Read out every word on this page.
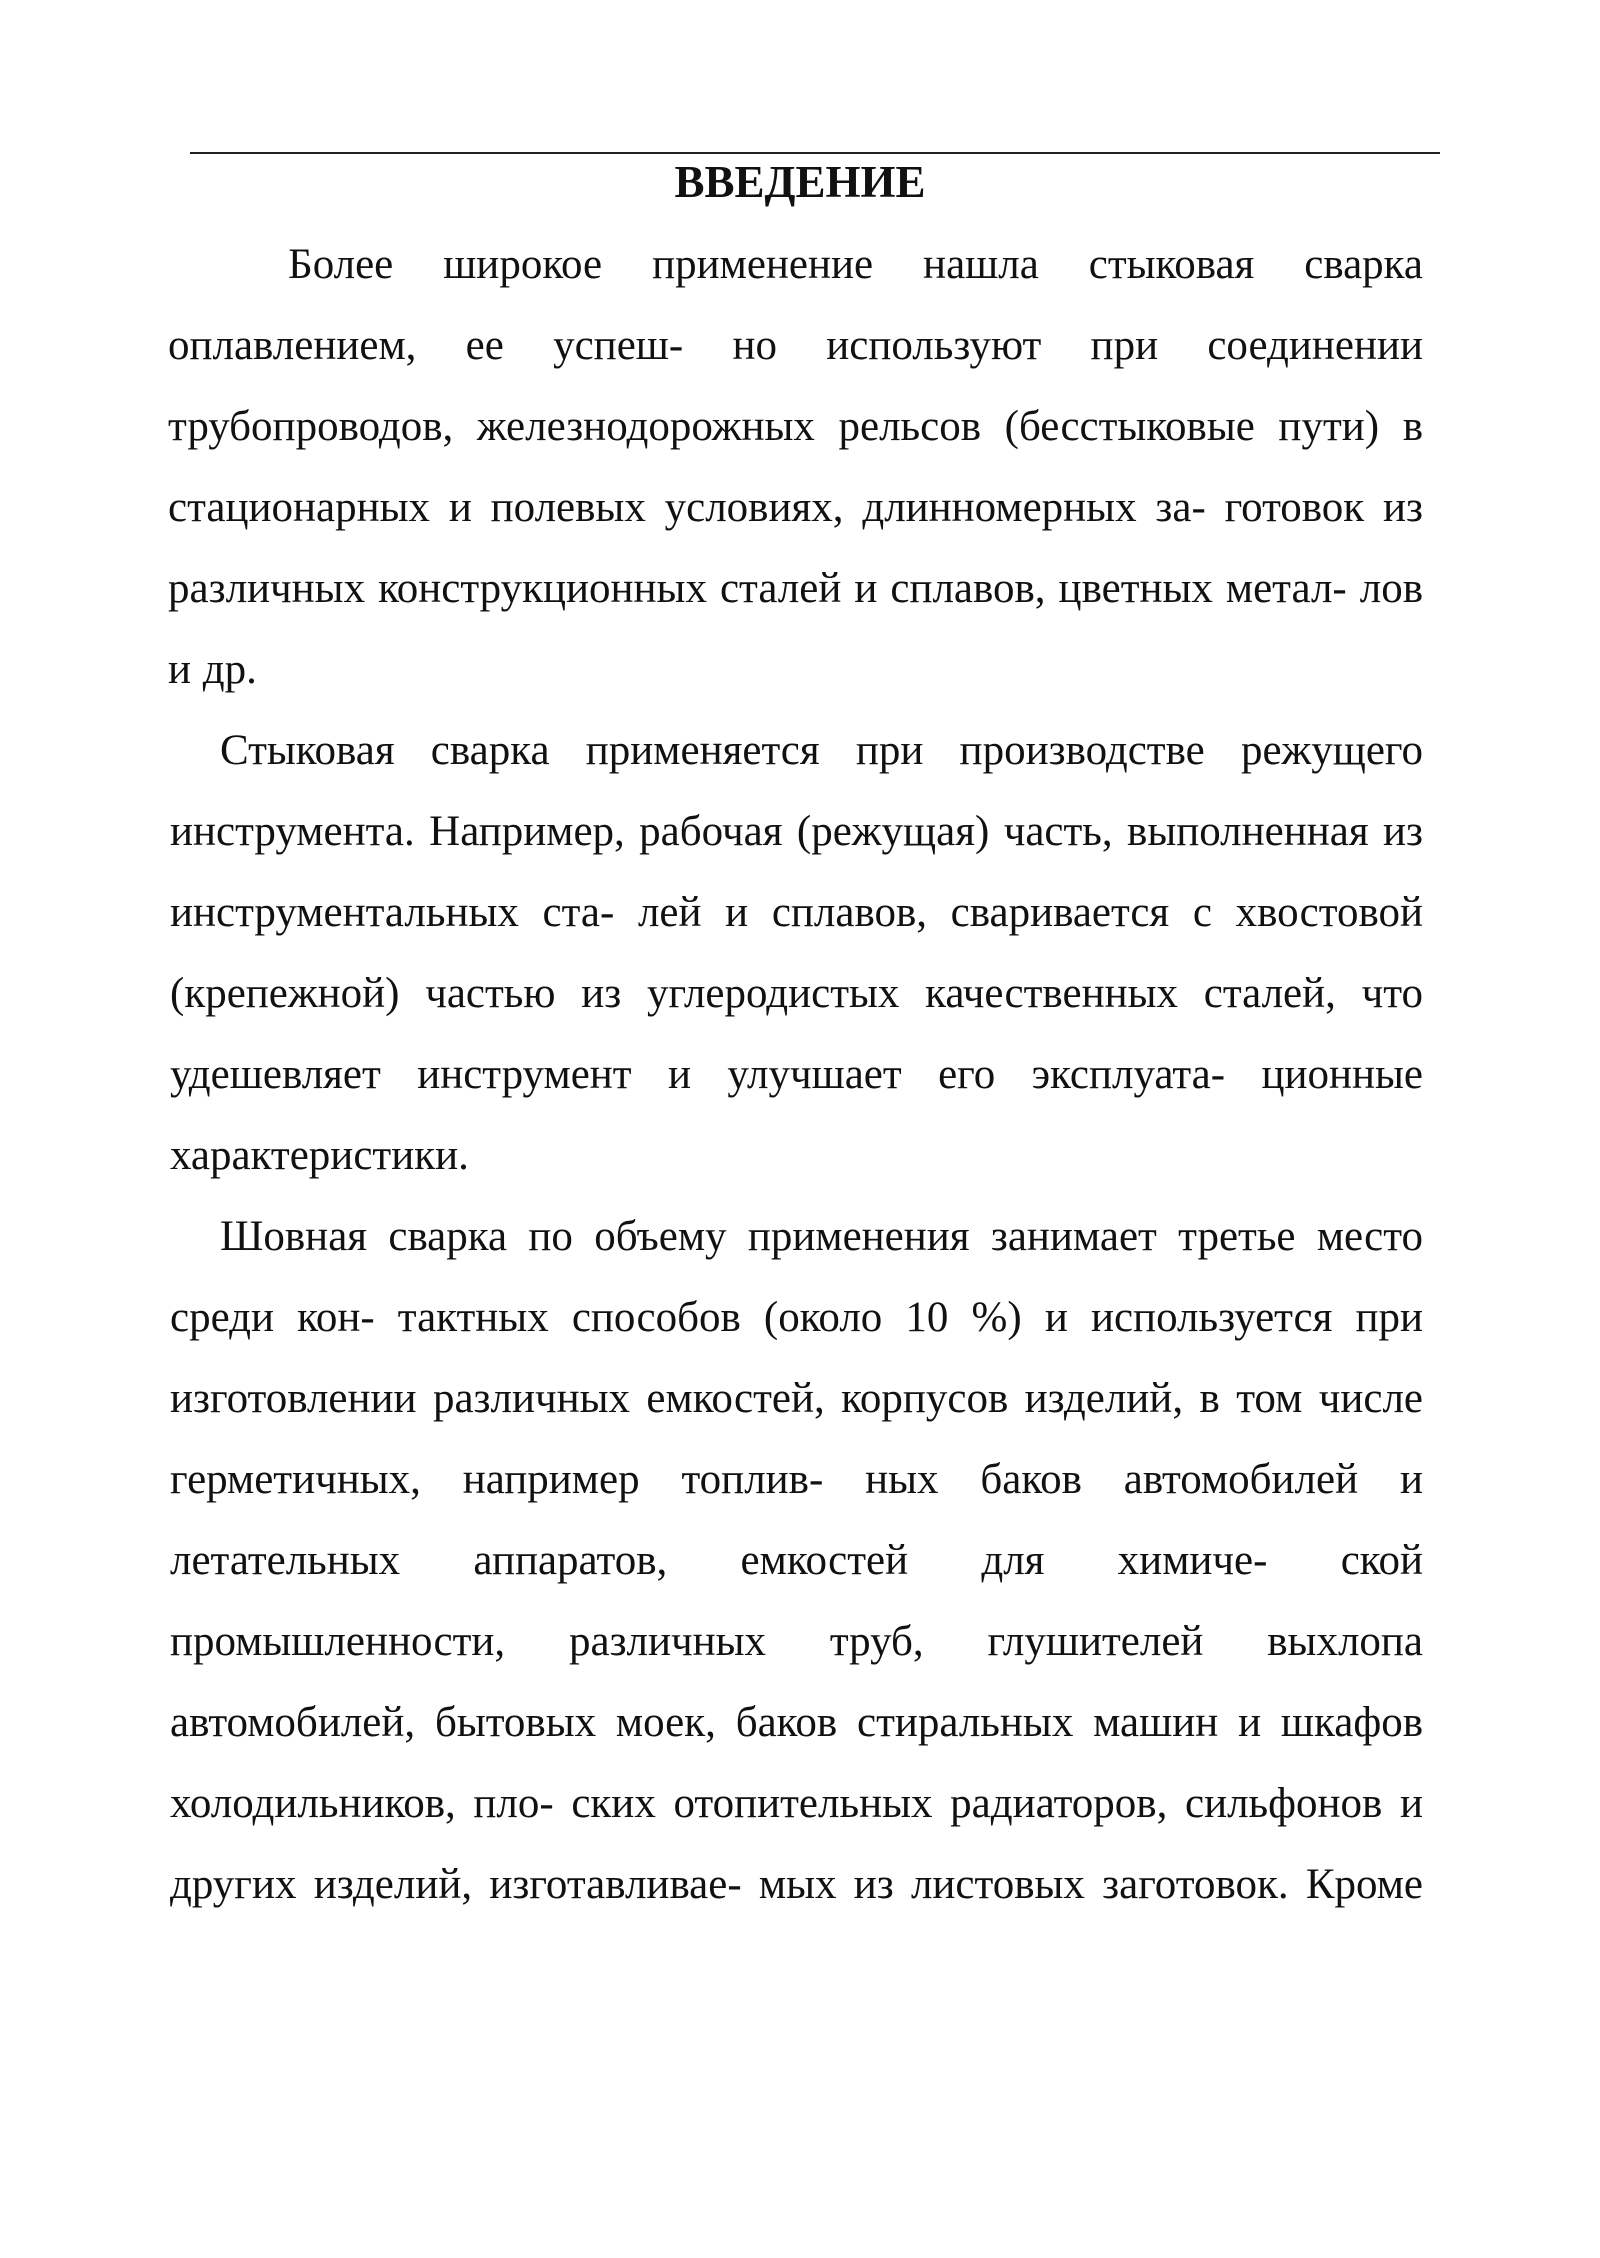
ВВЕДЕНИЕ

Более широкое применение нашла стыковая сварка оплавлением, ее успеш- но используют при соединении трубопроводов, железнодорожных рельсов (бесстыковые пути) в стационарных и полевых условиях, длинномерных за- готовок из различных конструкционных сталей и сплавов, цветных метал- лов и др.

Стыковая сварка применяется при производстве режущего инструмента. Например, рабочая (режущая) часть, выполненная из инструментальных ста- лей и сплавов, сваривается с хвостовой (крепежной) частью из углеродистых качественных сталей, что удешевляет инструмент и улучшает его эксплуата- ционные характеристики.

Шовная сварка по объему применения занимает третье место среди кон- тактных способов (около 10 %) и используется при изготовлении различных емкостей, корпусов изделий, в том числе герметичных, например топлив- ных баков автомобилей и летательных аппаратов, емкостей для химиче- ской промышленности, различных труб, глушителей выхлопа автомобилей, бытовых моек, баков стиральных машин и шкафов холодильников, пло- ских отопительных радиаторов, сильфонов и других изделий, изготавливае- мых из листовых заготовок. Кроме
